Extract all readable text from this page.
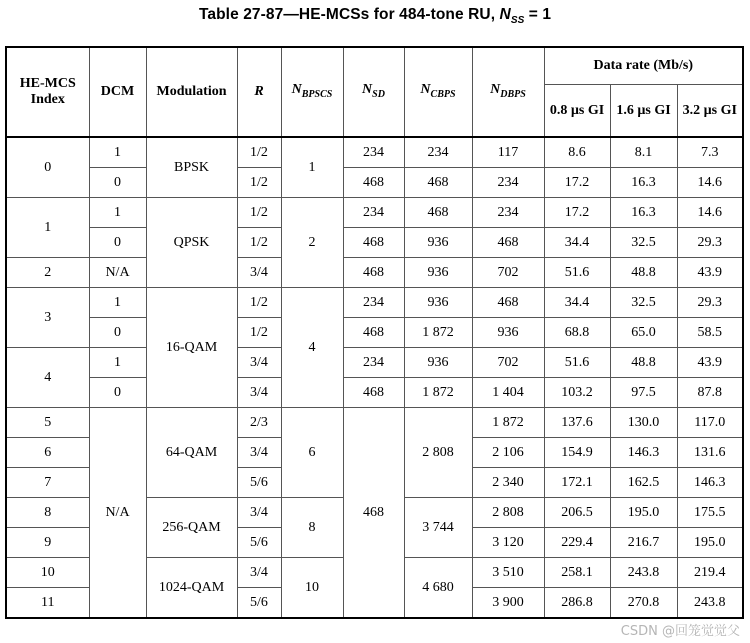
Table 27-87—HE-MCSs for 484-tone RU, $N_{SS} = 1$
HE-MCS Index	DCM	Modulation	R	$N_{BPSCS}$	$N_{SD}$	$N_{CBPS}$	$N_{DBPS}$	Data rate (Mb/s)		
								0.8 µs GI	1.6 µs GI	3.2 µs GI
0	1	BPSK	1/2	1	234	234	117	8.6	8.1	7.3
	0		1/2		468	468	234	17.2	16.3	14.6
1	1	QPSK	1/2	2	234	468	234	17.2	16.3	14.6
	0		1/2		468	936	468	34.4	32.5	29.3
2	N/A		3/4		468	936	702	51.6	48.8	43.9
3	1	16-QAM	1/2	4	234	936	468	34.4	32.5	29.3
	0		1/2		468	1 872	936	68.8	65.0	58.5
4	1		3/4		234	936	702	51.6	48.8	43.9
	0		3/4		468	1 872	1 404	103.2	97.5	87.8
5	N/A	64-QAM	2/3	6	468	2 808	1 872	137.6	130.0	117.0
6			3/4				2 106	154.9	146.3	131.6
7			5/6				2 340	172.1	162.5	146.3
8		256-QAM	3/4	8		3 744	2 808	206.5	195.0	175.5
9			5/6				3 120	229.4	216.7	195.0
10		1024-QAM	3/4	10		4 680	3 510	258.1	243.8	219.4
11			5/6				3 900	286.8	270.8	243.8
CSDN @回笼觉觉父
